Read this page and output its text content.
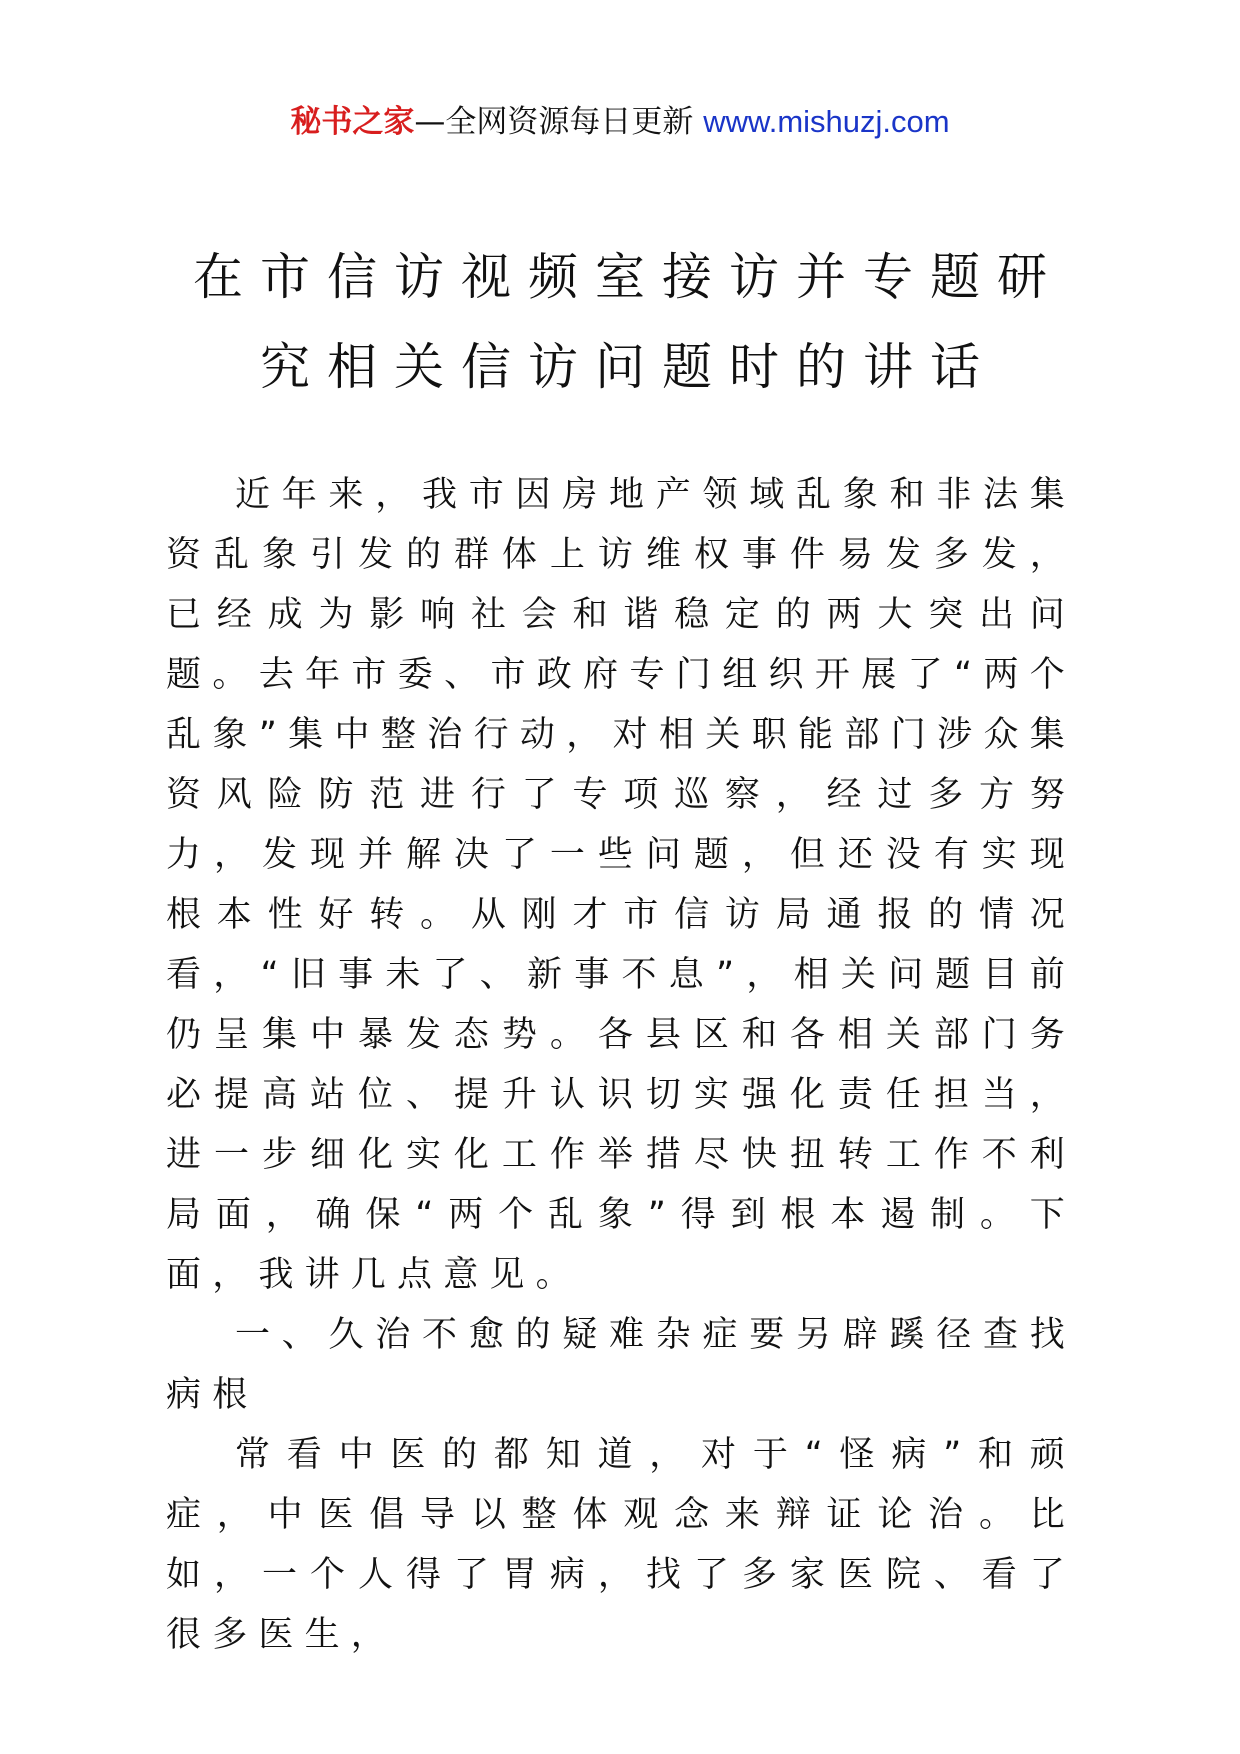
秘书之家—全网资源每日更新 www.mishuzj.com
在市信访视频室接访并专题研
究相关信访问题时的讲话

近年来，我市因房地产领域乱象和非法集资乱象引发的群体上访维权事件易发多发，已经成为影响社会和谐稳定的两大突出问题。去年市委、市政府专门组织开展了“两个乱象”集中整治行动，对相关职能部门涉众集资风险防范进行了专项巡察，经过多方努力，发现并解决了一些问题，但还没有实现根本性好转。从刚才市信访局通报的情况看，“旧事未了、新事不息”，相关问题目前仍呈集中暴发态势。各县区和各相关部门务必提高站位、提升认识切实强化责任担当，进一步细化实化工作举措尽快扭转工作不利局面，确保“两个乱象”得到根本遏制。下面，我讲几点意见。

一、久治不愈的疑难杂症要另辟蹊径查找病根

常看中医的都知道，对于“怪病”和顽症，中医倡导以整体观念来辩证论治。比如，一个人得了胃病，找了多家医院、看了很多医生，
